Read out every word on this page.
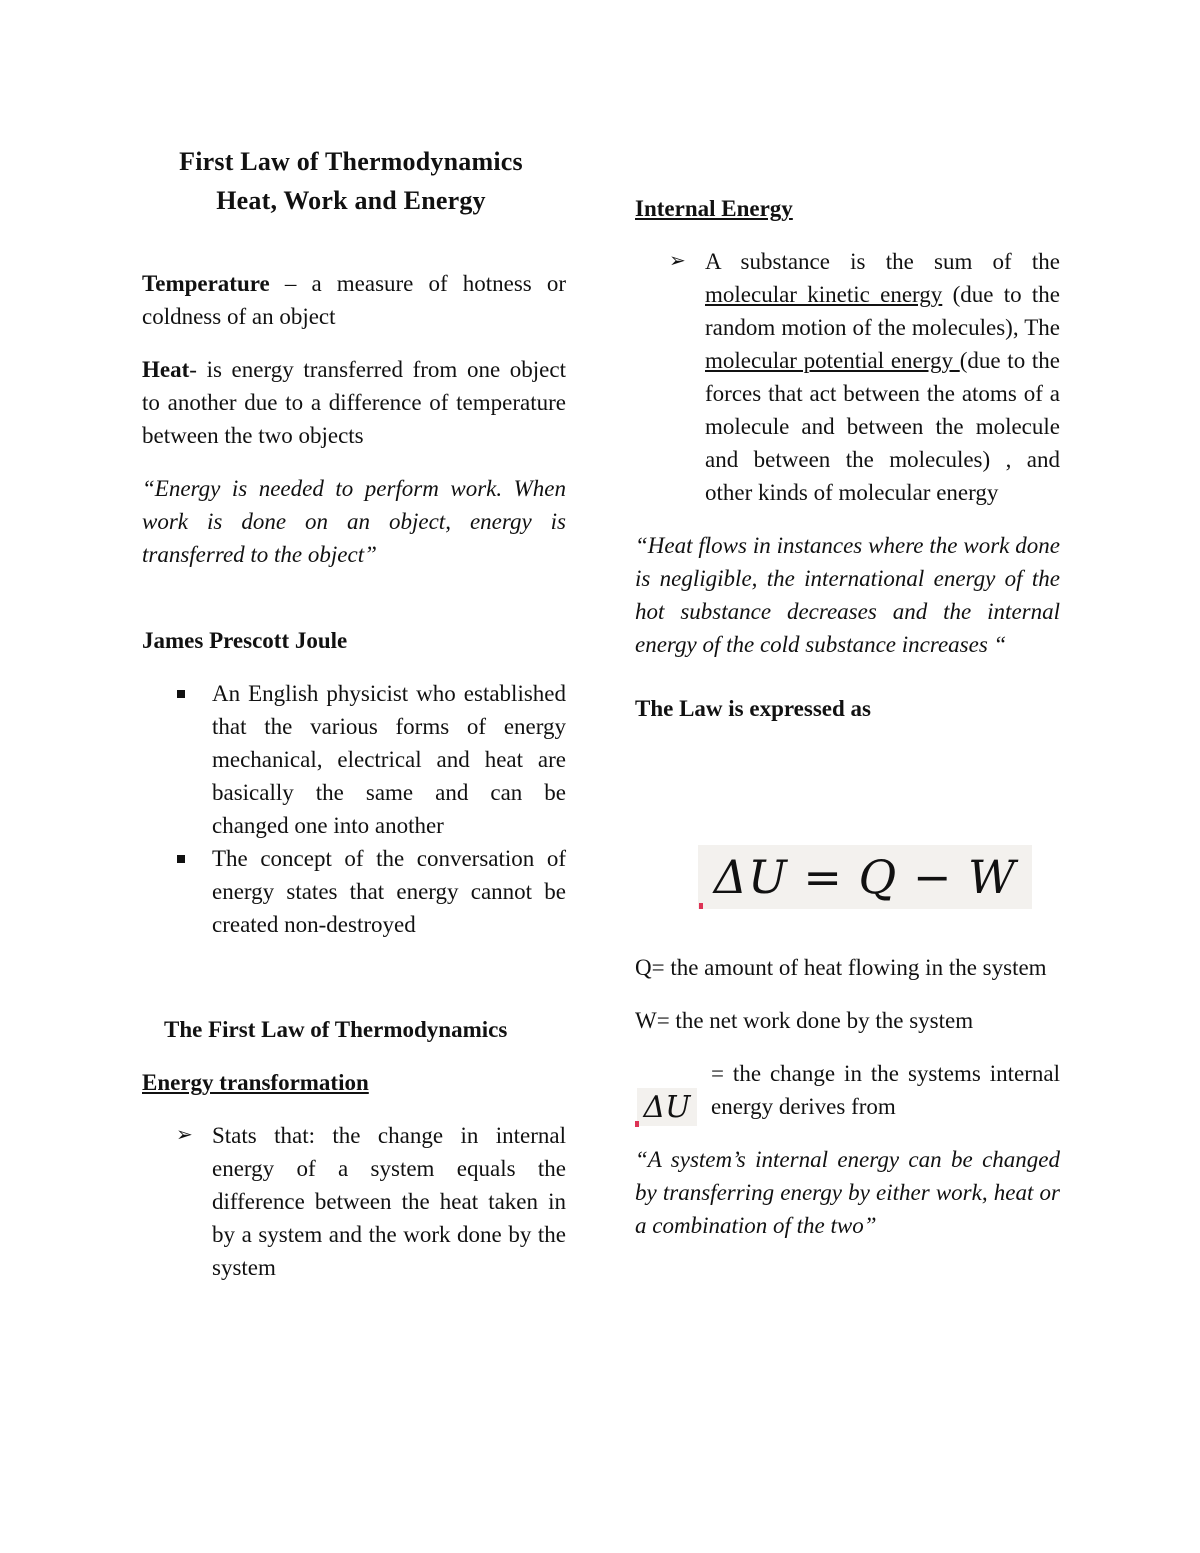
First Law of Thermodynamics

Heat, Work and Energy

Temperature – a measure of hotness or coldness of an object

Heat- is energy transferred from one object to another due to a difference of temperature between the two objects

“Energy is needed to perform work. When work is done on an object, energy is transferred to the object”

James Prescott Joule

An English physicist who established that the various forms of energy mechanical, electrical and heat are basically the same and can be changed one into another
The concept of the conversation of energy states that energy cannot be created non-destroyed

The First Law of Thermodynamics

Energy transformation

➢ Stats that: the change in internal energy of a system equals the difference between the heat taken in by a system and the work done by the system

Internal Energy

➢ A substance is the sum of the molecular kinetic energy (due to the random motion of the molecules), The molecular potential energy (due to the forces that act between the atoms of a molecule and between the molecule and between the molecules) , and other kinds of molecular energy

“Heat flows in instances where the work done is negligible, the international energy of the hot substance decreases and the internal energy of the cold substance increases “

The Law is expressed as

ΔU = Q − W

Q= the amount of heat flowing in the system

W= the net work done by the system

= the change in the systems internal energy derives from

“A system’s internal energy can be changed by transferring energy by either work, heat or a combination of the two”

ΔU
